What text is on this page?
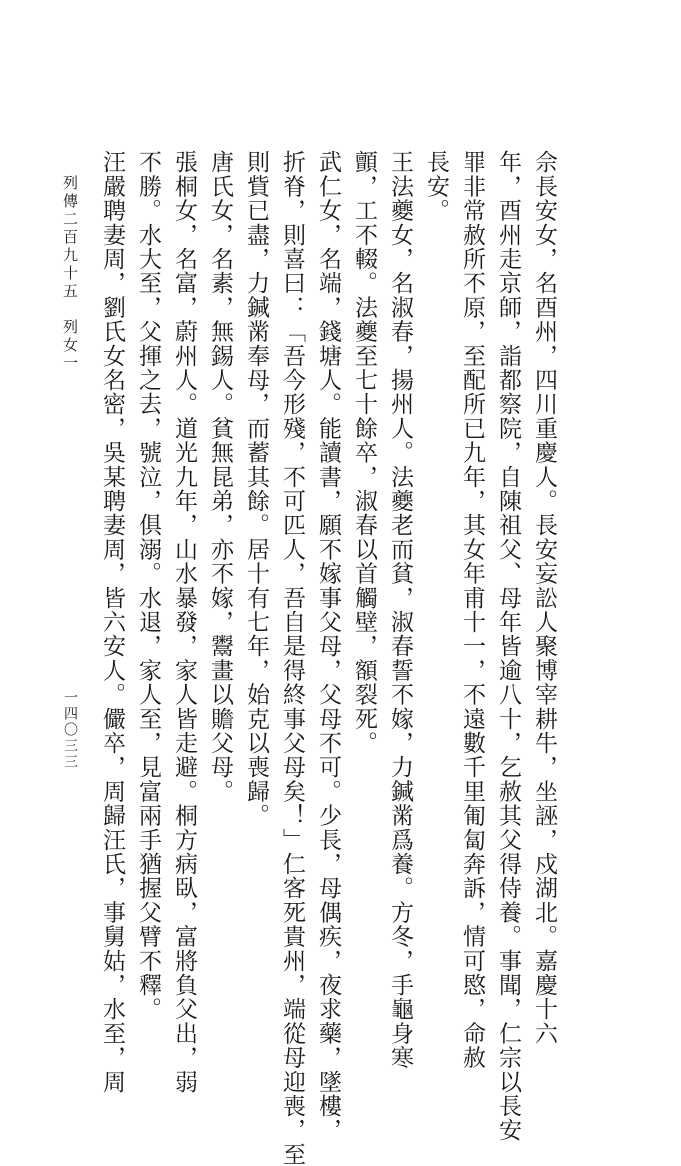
佘長安女，名酉州，四川重慶人。長安妄訟人聚博宰耕牛，坐誣，戍湖北。嘉慶十六
年，酉州走京師，詣都察院，自陳祖父、母年皆逾八十，乞赦其父得侍養。事聞，仁宗以長安
罪非常赦所不原，至配所已九年，其女年甫十一，不遠數千里匍匐奔訴，情可愍，命赦
長安。
王法夔女，名淑春，揚州人。法夔老而貧，淑春誓不嫁，力鍼黹爲養。方冬，手龜身寒
顫，工不輟。法夔至七十餘卒，淑春以首觸壁，額裂死。
武仁女，名端，錢塘人。能讀書，願不嫁事父母，父母不可。少長，母偶疾，夜求藥，墜樓，
折脊，則喜曰：「吾今形殘，不可匹人，吾自是得終事父母矣！」仁客死貴州，端從母迎喪，至
則貲已盡，力鍼黹奉母，而蓄其餘。居十有七年，始克以喪歸。
唐氏女，名素，無錫人。貧無昆弟，亦不嫁，鬻畫以贍父母。
張桐女，名富，蔚州人。道光九年，山水暴發，家人皆走避。桐方病臥，富將負父出，弱
不勝。水大至，父揮之去，號泣，俱溺。水退，家人至，見富兩手猶握父臂不釋。
汪嚴聘妻周，劉氏女名密，吳某聘妻周，皆六安人。儼卒，周歸汪氏，事舅姑，水至，周
列傳二百九十五　列女一
一四〇三三
